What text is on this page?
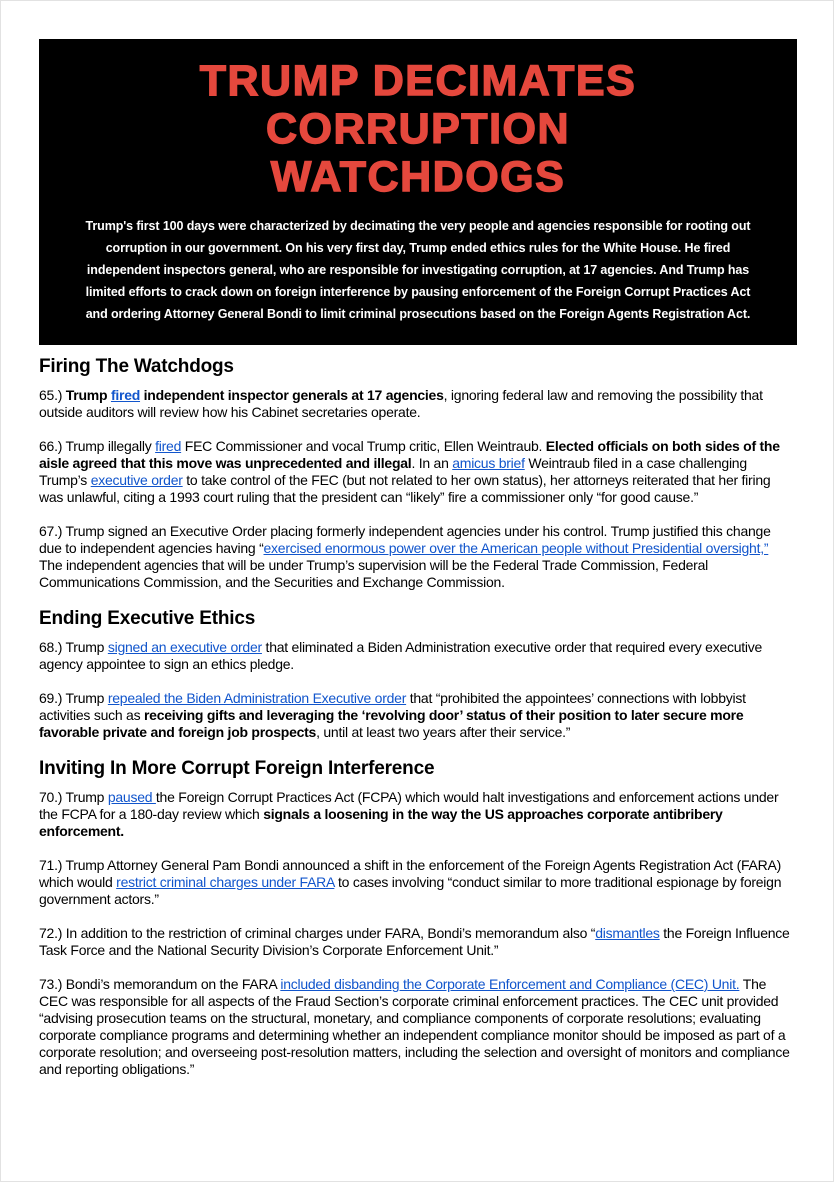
TRUMP DECIMATES CORRUPTION
WATCHDOGS

Trump's first 100 days were characterized by decimating the very people and agencies responsible for rooting out corruption in our government. On his very first day, Trump ended ethics rules for the White House. He fired independent inspectors general, who are responsible for investigating corruption, at 17 agencies. And Trump has limited efforts to crack down on foreign interference by pausing enforcement of the Foreign Corrupt Practices Act and ordering Attorney General Bondi to limit criminal prosecutions based on the Foreign Agents Registration Act.

Firing The Watchdogs

65.) Trump fired independent inspector generals at 17 agencies, ignoring federal law and removing the possibility that outside auditors will review how his Cabinet secretaries operate.

66.) Trump illegally fired FEC Commissioner and vocal Trump critic, Ellen Weintraub. Elected officials on both sides of the aisle agreed that this move was unprecedented and illegal. In an amicus brief Weintraub filed in a case challenging Trump’s executive order to take control of the FEC (but not related to her own status), her attorneys reiterated that her firing was unlawful, citing a 1993 court ruling that the president can “likely” fire a commissioner only “for good cause.”

67.) Trump signed an Executive Order placing formerly independent agencies under his control. Trump justified this change due to independent agencies having “exercised enormous power over the American people without Presidential oversight,” The independent agencies that will be under Trump’s supervision will be the Federal Trade Commission, Federal Communications Commission, and the Securities and Exchange Commission.

Ending Executive Ethics

68.) Trump signed an executive order that eliminated a Biden Administration executive order that required every executive agency appointee to sign an ethics pledge.

69.) Trump repealed the Biden Administration Executive order that “prohibited the appointees’ connections with lobbyist activities such as receiving gifts and leveraging the ‘revolving door’ status of their position to later secure more favorable private and foreign job prospects, until at least two years after their service.”

Inviting In More Corrupt Foreign Interference

70.) Trump paused the Foreign Corrupt Practices Act (FCPA) which would halt investigations and enforcement actions under the FCPA for a 180-day review which signals a loosening in the way the US approaches corporate antibribery enforcement.

71.) Trump Attorney General Pam Bondi announced a shift in the enforcement of the Foreign Agents Registration Act (FARA) which would restrict criminal charges under FARA to cases involving “conduct similar to more traditional espionage by foreign government actors.”

72.) In addition to the restriction of criminal charges under FARA, Bondi’s memorandum also “dismantles the Foreign Influence Task Force and the National Security Division’s Corporate Enforcement Unit.”

73.) Bondi’s memorandum on the FARA included disbanding the Corporate Enforcement and Compliance (CEC) Unit. The CEC was responsible for all aspects of the Fraud Section’s corporate criminal enforcement practices. The CEC unit provided “advising prosecution teams on the structural, monetary, and compliance components of corporate resolutions; evaluating corporate compliance programs and determining whether an independent compliance monitor should be imposed as part of a corporate resolution; and overseeing post-resolution matters, including the selection and oversight of monitors and compliance and reporting obligations.”
